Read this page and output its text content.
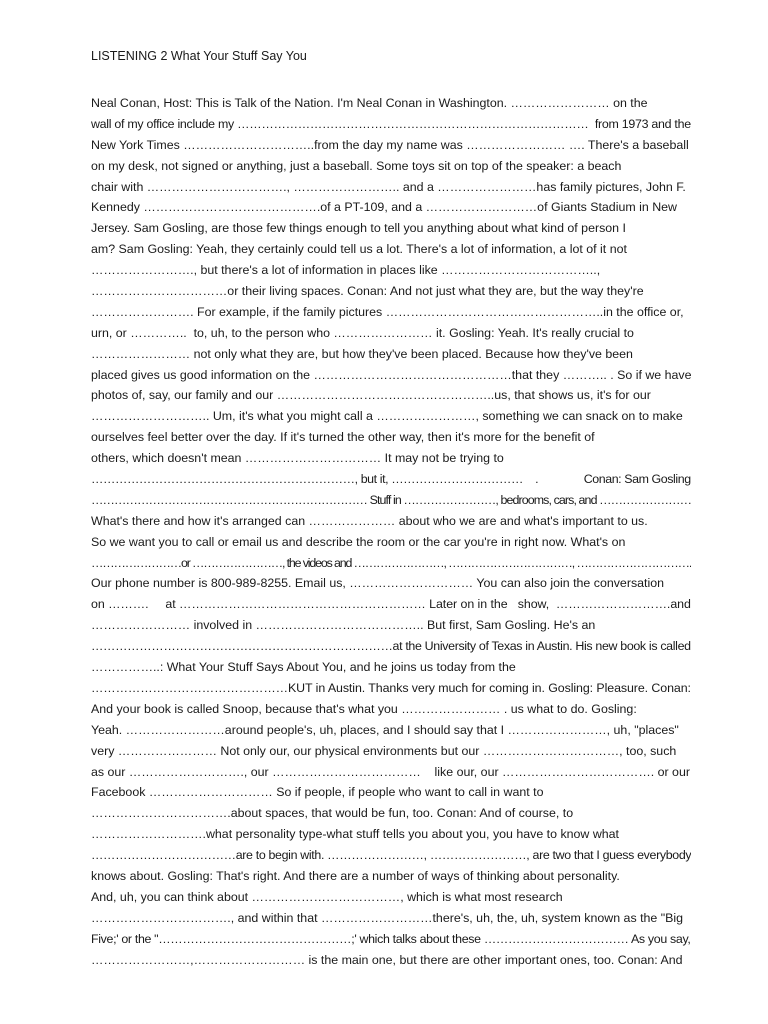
LISTENING 2 What Your Stuff Say You
Neal Conan, Host: This is Talk of the Nation. I'm Neal Conan in Washington. …………………… on the
wall of my office include my ……………………………………………………………………………  from 1973 and the
New York Times …………………………..from the day my name was …………………… …. There's a baseball
on my desk, not signed or anything, just a baseball. Some toys sit on top of the speaker: a beach
chair with ……………………………., …………………….. and a ……………………has family pictures, John F.
Kennedy …………………………………….of a PT-109, and a ………………………of Giants Stadium in New
Jersey. Sam Gosling, are those few things enough to tell you anything about what kind of person I
am? Sam Gosling: Yeah, they certainly could tell us a lot. There's a lot of information, a lot of it not
……………………., but there's a lot of information in places like ………………………………..,
……………………………or their living spaces. Conan: And not just what they are, but the way they're
……………………. For example, if the family pictures ……………………………………………..in the office or,
urn, or …………..  to, uh, to the person who …………………… it. Gosling: Yeah. It's really crucial to
…………………… not only what they are, but how they've been placed. Because how they've been
placed gives us good information on the …………………………………………that they ……….. . So if we have
photos of, say, our family and our ……………………………………………..us, that shows us, it's for our
……………………….. Um, it's what you might call a ……………………, something we can snack on to make
ourselves feel better over the day. If it's turned the other way, then it's more for the benefit of
others, which doesn't mean …………………………… It may not be trying to
…………………………………………………………, but it, ……………………………    .               Conan: Sam Gosling
……………………………………………………………… Stuff in ……………………, bedrooms, cars, and ……………………
What's there and how it's arranged can ………………… about who we are and what's important to us.
So we want you to call or email us and describe the room or the car you're in right now. What's on
……………………or ……………………, the videos and ……………………, ……………………………, ………………………….
Our phone number is 800-989-8255. Email us, ………………………… You can also join the conversation
on ……….     at …………………………………………………… Later on in the   show,  ……………………….and
…………………… involved in ………………………………….. But first, Sam Gosling. He's an
…………………………………………………………………at the University of Texas in Austin. His new book is called
……………..: What Your Stuff Says About You, and he joins us today from the
…………………………………………KUT in Austin. Thanks very much for coming in. Gosling: Pleasure. Conan:
And your book is called Snoop, because that's what you …………………… . us what to do. Gosling:
Yeah. ……………………around people's, uh, places, and I should say that I ……………………, uh, "places"
very …………………… Not only our, our physical environments but our ……………………………, too, such
as our ………………………., our ………………………………    like our, our ………………………………. or our
Facebook ………………………… So if people, if people who want to call in want to
…………………………….about spaces, that would be fun, too. Conan: And of course, to
……………………….what personality type-what stuff tells you about you, you have to know what
………………………………are to begin with. ……………………, ……………………, are two that I guess everybody
knows about. Gosling: That's right. And there are a number of ways of thinking about personality.
And, uh, you can think about ………………………………, which is what most research
……………………………., and within that ………………………there's, uh, the, uh, system known as the "Big
Five;' or the "…………………………………………;' which talks about these ……………………………… As you say,
……………………,……………………… is the main one, but there are other important ones, too. Conan: And
